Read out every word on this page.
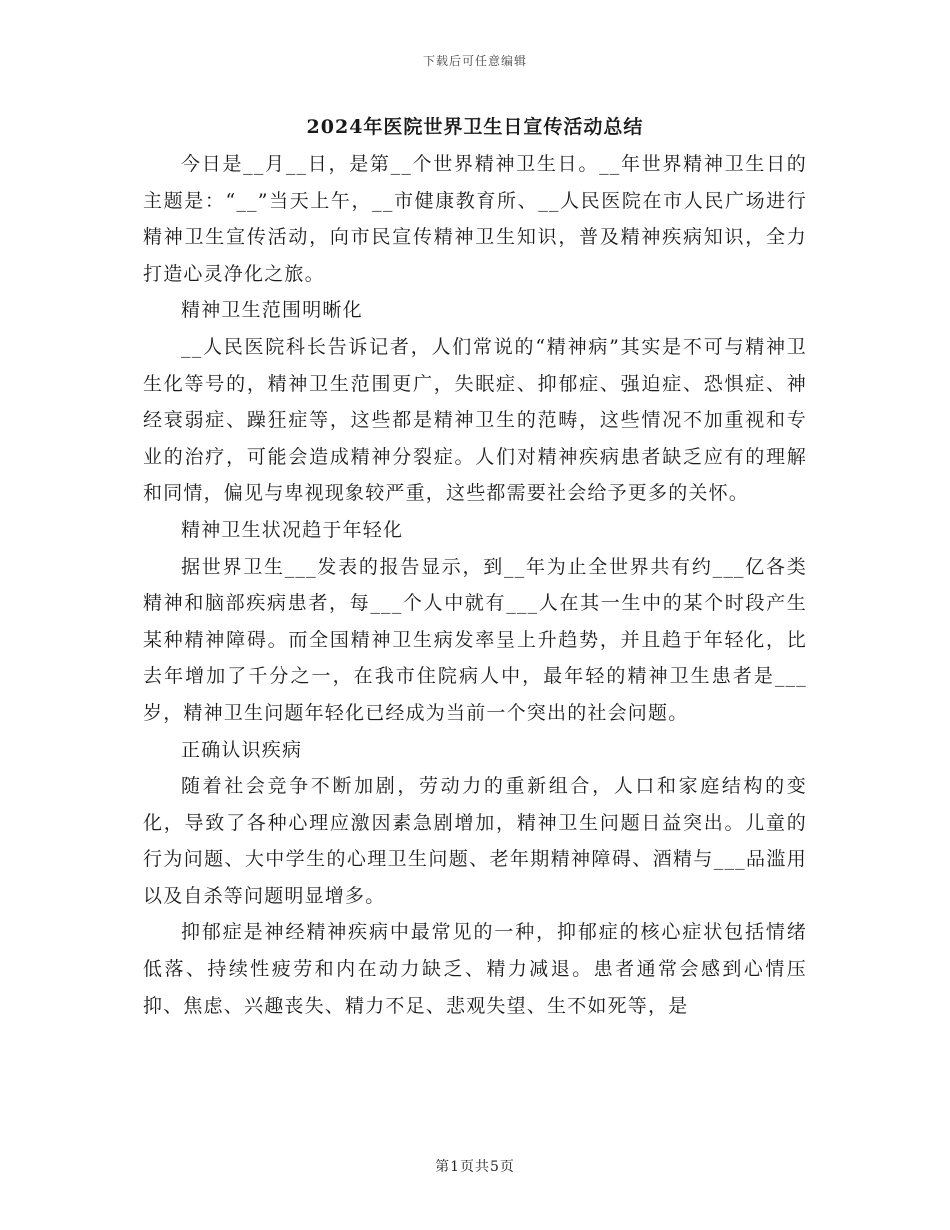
下载后可任意编辑
2024年医院世界卫生日宣传活动总结

今日是__月__日，是第__个世界精神卫生日。__年世界精神卫生日的主题是：“__”当天上午，__市健康教育所、__人民医院在市人民广场进行精神卫生宣传活动，向市民宣传精神卫生知识，普及精神疾病知识，全力打造心灵净化之旅。

精神卫生范围明晰化

__人民医院科长告诉记者，人们常说的“精神病”其实是不可与精神卫生化等号的，精神卫生范围更广，失眠症、抑郁症、强迫症、恐惧症、神经衰弱症、躁狂症等，这些都是精神卫生的范畴，这些情况不加重视和专业的治疗，可能会造成精神分裂症。人们对精神疾病患者缺乏应有的理解和同情，偏见与卑视现象较严重，这些都需要社会给予更多的关怀。

精神卫生状况趋于年轻化

据世界卫生___发表的报告显示，到__年为止全世界共有约___亿各类精神和脑部疾病患者，每___个人中就有___人在其一生中的某个时段产生某种精神障碍。而全国精神卫生病发率呈上升趋势，并且趋于年轻化，比去年增加了千分之一，在我市住院病人中，最年轻的精神卫生患者是___岁，精神卫生问题年轻化已经成为当前一个突出的社会问题。

正确认识疾病

随着社会竞争不断加剧，劳动力的重新组合，人口和家庭结构的变化，导致了各种心理应激因素急剧增加，精神卫生问题日益突出。儿童的行为问题、大中学生的心理卫生问题、老年期精神障碍、酒精与___品滥用以及自杀等问题明显增多。

抑郁症是神经精神疾病中最常见的一种，抑郁症的核心症状包括情绪低落、持续性疲劳和内在动力缺乏、精力减退。患者通常会感到心情压抑、焦虑、兴趣丧失、精力不足、悲观失望、生不如死等，是

第1页共5页
